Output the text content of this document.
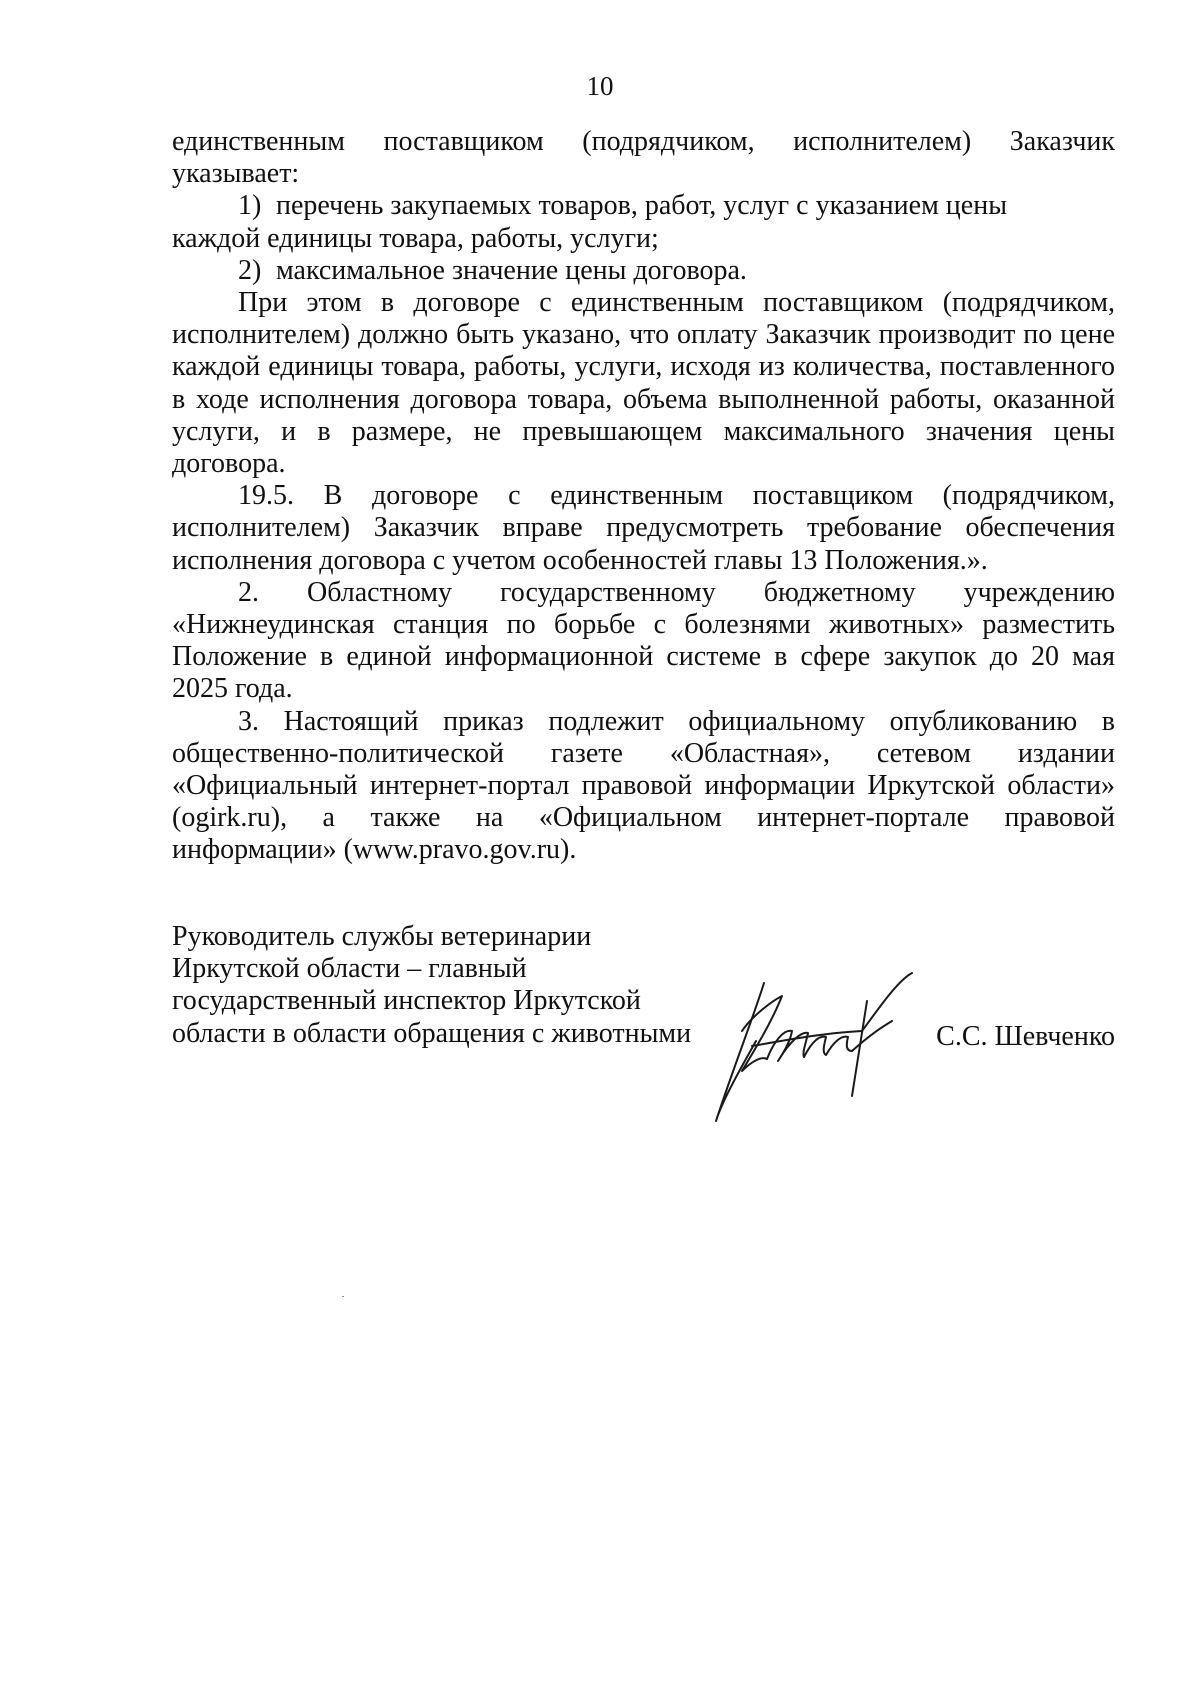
10

единственным поставщиком (подрядчиком, исполнителем) Заказчик указывает:

1) перечень закупаемых товаров, работ, услуг с указанием цены

каждой единицы товара, работы, услуги;

2) максимальное значение цены договора.

При этом в договоре с единственным поставщиком (подрядчиком, исполнителем) должно быть указано, что оплату Заказчик производит по цене каждой единицы товара, работы, услуги, исходя из количества, поставленного в ходе исполнения договора товара, объема выполненной работы, оказанной услуги, и в размере, не превышающем максимального значения цены договора.

19.5. В договоре с единственным поставщиком (подрядчиком, исполнителем) Заказчик вправе предусмотреть требование обеспечения исполнения договора с учетом особенностей главы 13 Положения.».

2. Областному государственному бюджетному учреждению «Нижнеудинская станция по борьбе с болезнями животных» разместить Положение в единой информационной системе в сфере закупок до 20 мая 2025 года.

3. Настоящий приказ подлежит официальному опубликованию в общественно-политической газете «Областная», сетевом издании «Официальный интернет-портал правовой информации Иркутской области» (ogirk.ru), а также на «Официальном интернет-портале правовой информации» (www.pravo.gov.ru).

Руководитель службы ветеринарии
Иркутской области – главный
государственный инспектор Иркутской
области в области обращения с животными	С.С. Шевченко
